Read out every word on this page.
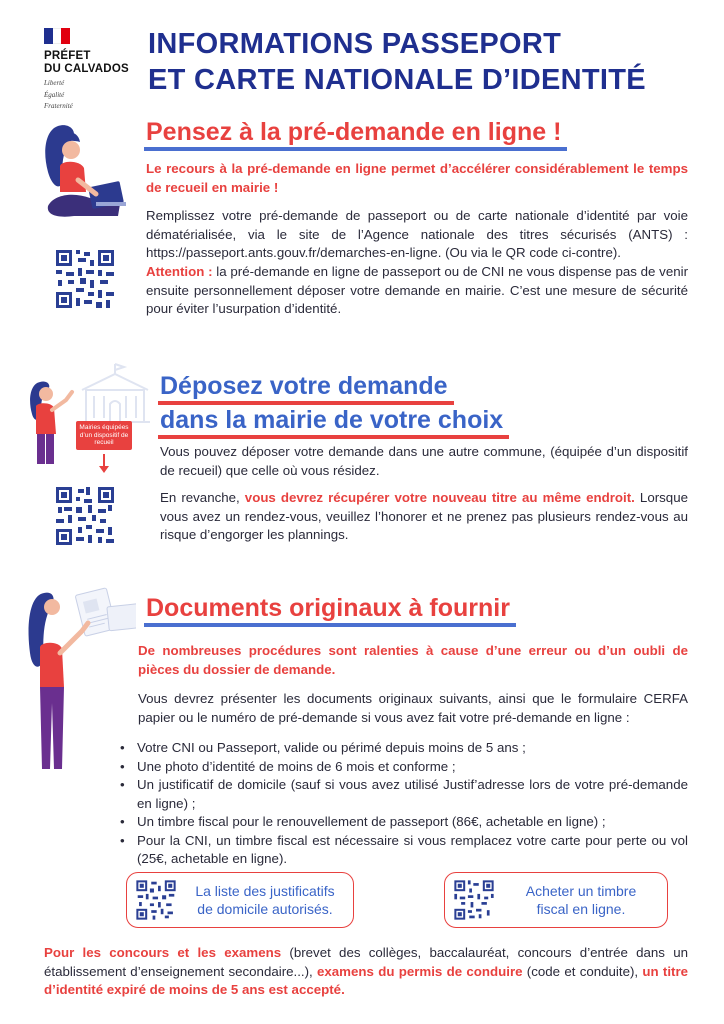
PRÉFET
DU CALVADOS
Liberté
Égalité
Fraternité
INFORMATIONS PASSEPORT
ET CARTE NATIONALE D’IDENTITÉ
Pensez à la pré-demande en ligne !
Le recours à la pré-demande en ligne permet d’accélérer considérablement le temps de recueil en mairie !
Remplissez votre pré-demande de passeport ou de carte nationale d’identité par voie dématérialisée, via le site de l’Agence nationale des titres sécurisés (ANTS) : https://passeport.ants.gouv.fr/demarches-en-ligne. (Ou via le QR code ci-contre).
Attention : la pré-demande en ligne de passeport ou de CNI ne vous dispense pas de venir ensuite personnellement déposer votre demande en mairie. C’est une mesure de sécurité pour éviter l’usurpation d’identité.
Mairies équipées d’un dispositif de recueil
Déposez votre demande
dans la mairie de votre choix
Vous pouvez déposer votre demande dans une autre commune, (équipée d’un dispositif de recueil) que celle où vous résidez.
En revanche, vous devrez récupérer votre nouveau titre au même endroit. Lorsque vous avez un rendez-vous, veuillez l’honorer et ne prenez pas plusieurs rendez-vous au risque d’engorger les plannings.
Documents originaux à fournir
De nombreuses procédures sont ralenties à cause d’une erreur ou d’un oubli de pièces du dossier de demande.
Vous devrez présenter les documents originaux suivants, ainsi que le formulaire CERFA papier ou le numéro de pré-demande si vous avez fait votre pré-demande en ligne :
• Votre CNI ou Passeport, valide ou périmé depuis moins de 5 ans ;
• Une photo d’identité de moins de 6 mois et conforme ;
• Un justificatif de domicile (sauf si vous avez utilisé Justif’adresse lors de votre pré-demande en ligne) ;
• Un timbre fiscal pour le renouvellement de passeport (86€, achetable en ligne) ;
• Pour la CNI, un timbre fiscal est nécessaire si vous remplacez votre carte pour perte ou vol (25€, achetable en ligne).
La liste des justificatifs
de domicile autorisés.
Acheter un timbre
fiscal en ligne.
Pour les concours et les examens (brevet des collèges, baccalauréat, concours d’entrée dans un établissement d’enseignement secondaire...), examens du permis de conduire (code et conduite), un titre d’identité expiré de moins de 5 ans est accepté.
